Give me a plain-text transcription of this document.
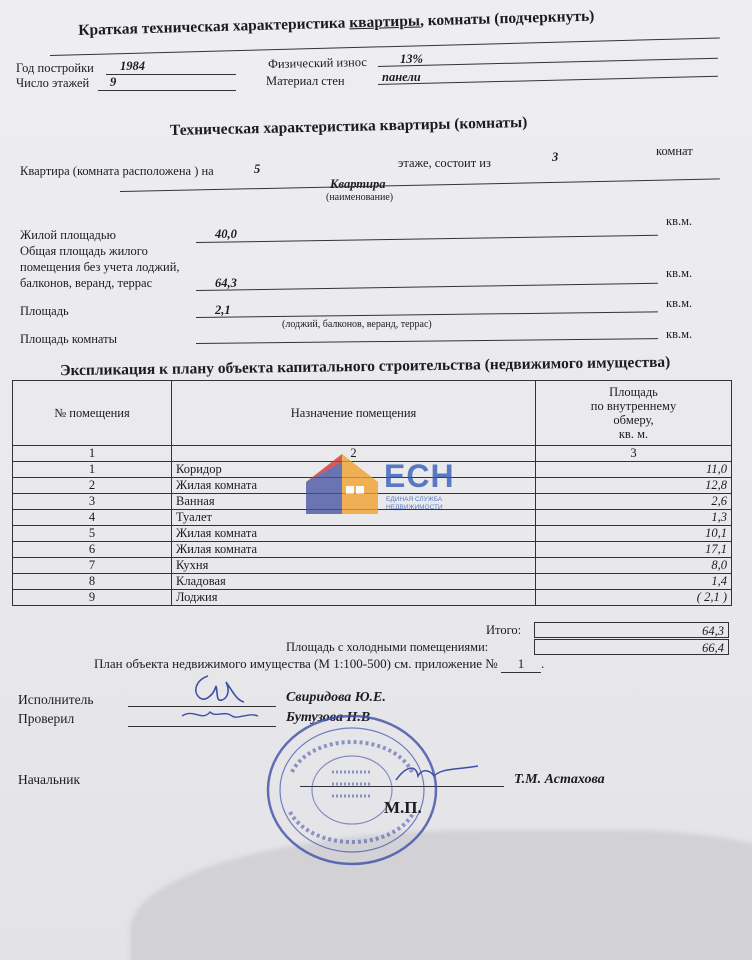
Краткая техническая характеристика квартиры, комнаты (подчеркнуть)
Год постройки 1984
Число этажей 9
Физический износ	13%
Материал стен	панели
Техническая характеристика квартиры (комнаты)
Квартира (комната расположена ) на	5	этаже, состоит из	3	комнат
Квартира
(наименование)
Жилой площадью	40,0
кв.м.
Общая площадь жилого
помещения без учета лоджий,
балконов, веранд, террас	64,3
кв.м.
Площадь	2,1	кв.м.
(лоджий, балконов, веранд, террас)
Площадь комнаты	кв.м.
Экспликация к плану объекта капитального строительства (недвижимого имущества)
№ помещения	Назначение помещения	Площадь
по внутреннему
обмеру,
кв. м.
1	2	3
1	Коридор	11,0
2	Жилая комната	12,8
3	Ванная	2,6
4	Туалет	1,3
5	Жилая комната	10,1
6	Жилая комната	17,1
7	Кухня	8,0
8	Кладовая	1,4
9	Лоджия	( 2,1 )
ЕСН
ЕДИНАЯ СЛУЖБА
НЕДВИЖИМОСТИ
Итого:	64,3
Площадь с холодными помещениями:	66,4
План объекта недвижимого имущества (М 1:100-500) см. приложение № 1 .
Исполнитель	Свиридова Ю.Е.
Проверил	Бутузова Н.В
Начальник	Т.М. Астахова
М.П.
